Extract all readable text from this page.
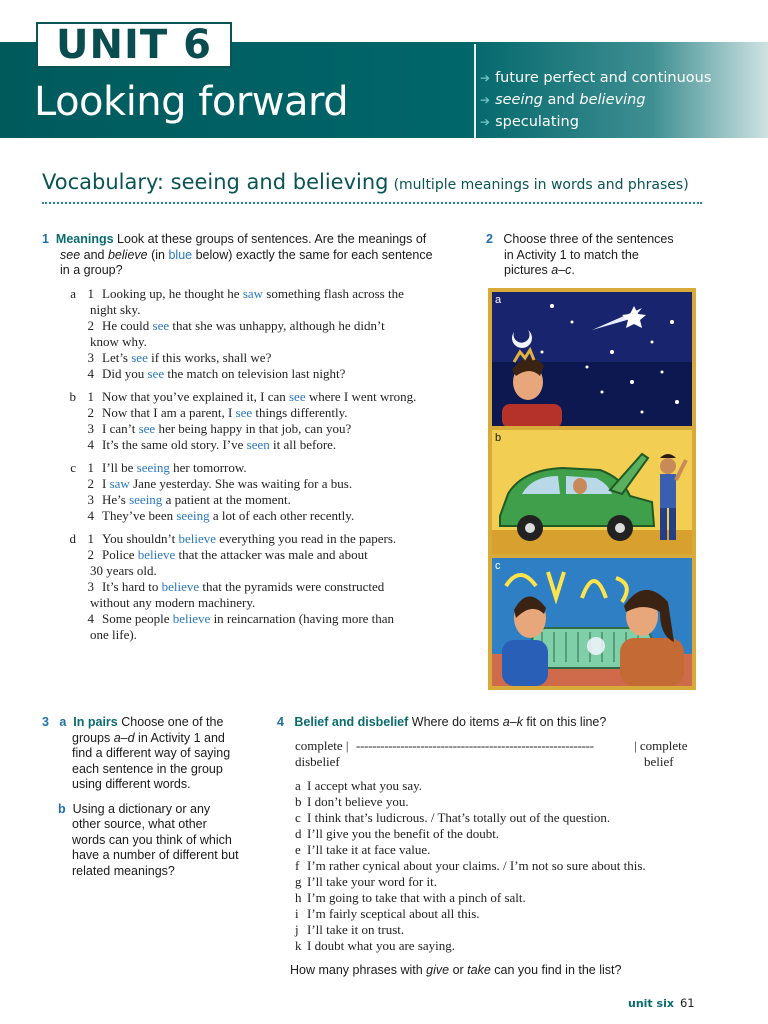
UNIT 6
Looking forward
➔ future perfect and continuous
➔ seeing and believing
➔ speculating
Vocabulary: seeing and believing (multiple meanings in words and phrases)
1 Meanings Look at these groups of sentences. Are the meanings of
see and believe (in blue below) exactly the same for each sentence
in a group?
a 1 Looking up, he thought he saw something flash across the
night sky.
2 He could see that she was unhappy, although he didn’t
know why.
3 Let’s see if this works, shall we?
4 Did you see the match on television last night?
b 1 Now that you’ve explained it, I can see where I went wrong.
2 Now that I am a parent, I see things differently.
3 I can’t see her being happy in that job, can you?
4 It’s the same old story. I’ve seen it all before.
c 1 I’ll be seeing her tomorrow.
2 I saw Jane yesterday. She was waiting for a bus.
3 He’s seeing a patient at the moment.
4 They’ve been seeing a lot of each other recently.
d 1 You shouldn’t believe everything you read in the papers.
2 Police believe that the attacker was male and about
30 years old.
3 It’s hard to believe that the pyramids were constructed
without any modern machinery.
4 Some people believe in reincarnation (having more than
one life).
2 Choose three of the sentences
in Activity 1 to match the
pictures a–c.
a
b
c
3 a In pairs Choose one of the
groups a–d in Activity 1 and
find a different way of saying
each sentence in the group
using different words.
b Using a dictionary or any
other source, what other
words can you think of which
have a number of different but
related meanings?
4 Belief and disbelief Where do items a–k fit on this line?
complete |
disbelief
-----------------------------------------------------------	| complete
belief
a I accept what you say.
b I don’t believe you.
c I think that’s ludicrous. / That’s totally out of the question.
d I’ll give you the benefit of the doubt.
e I’ll take it at face value.
f I’m rather cynical about your claims. / I’m not so sure about this.
g I’ll take your word for it.
h I’m going to take that with a pinch of salt.
i I’m fairly sceptical about all this.
j I’ll take it on trust.
k I doubt what you are saying.
How many phrases with give or take can you find in the list?
unit six 61
